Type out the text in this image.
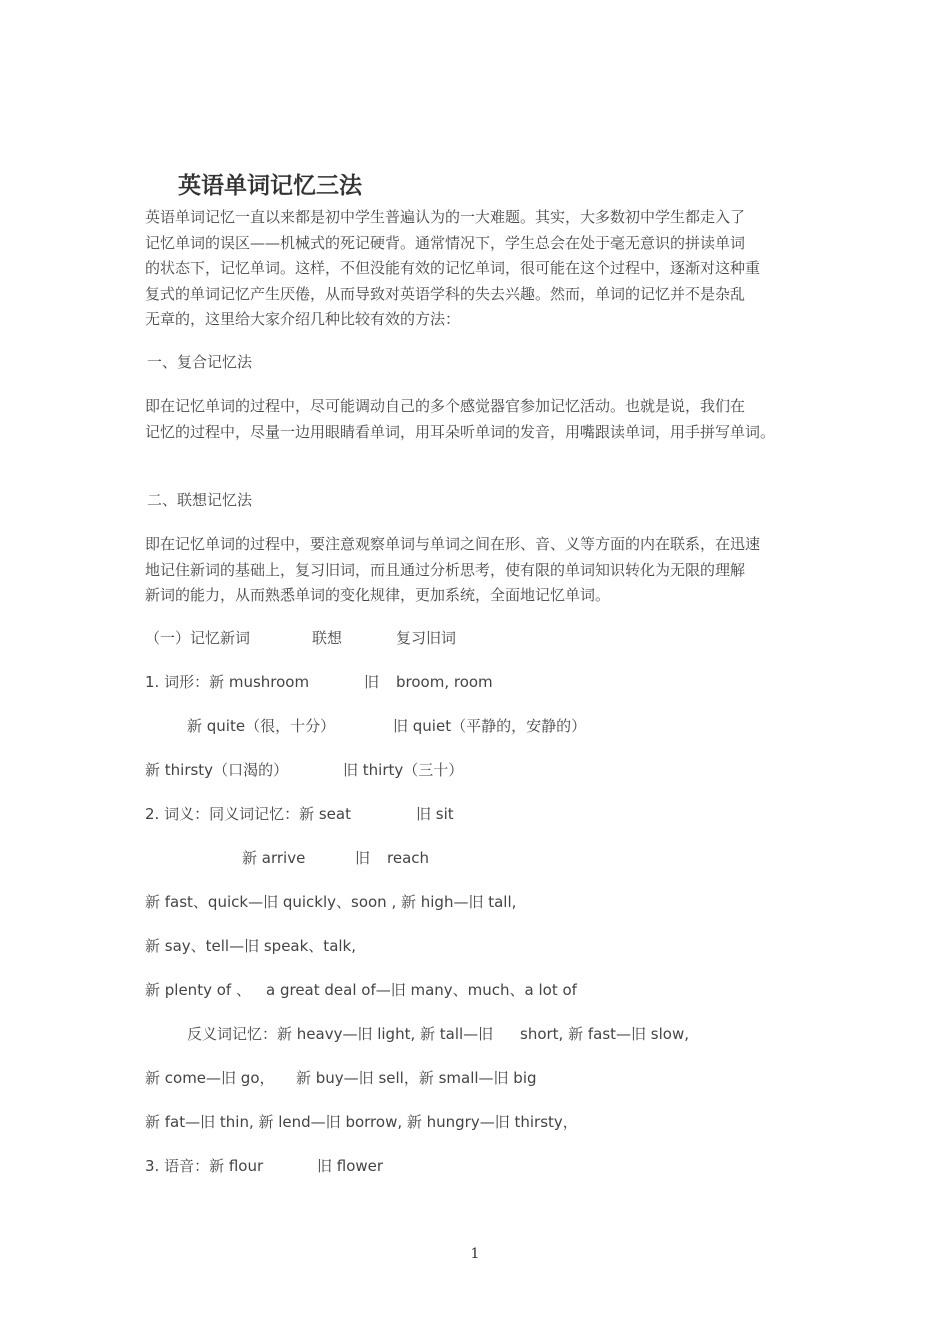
英语单词记忆三法
英语单词记忆一直以来都是初中学生普遍认为的一大难题。其实，大多数初中学生都走入了
记忆单词的误区——机械式的死记硬背。通常情况下，学生总会在处于毫无意识的拼读单词
的状态下，记忆单词。这样，不但没能有效的记忆单词，很可能在这个过程中，逐渐对这种重
复式的单词记忆产生厌倦，从而导致对英语学科的失去兴趣。然而，单词的记忆并不是杂乱
无章的，这里给大家介绍几种比较有效的方法：
一、复合记忆法
即在记忆单词的过程中，尽可能调动自己的多个感觉器官参加记忆活动。也就是说，我们在
记忆的过程中，尽量一边用眼睛看单词，用耳朵听单词的发音，用嘴跟读单词，用手拼写单词。
二、联想记忆法
即在记忆单词的过程中，要注意观察单词与单词之间在形、音、义等方面的内在联系，在迅速
地记住新词的基础上，复习旧词，而且通过分析思考，使有限的单词知识转化为无限的理解
新词的能力，从而熟悉单词的变化规律，更加系统，全面地记忆单词。
（一）记忆新词	联想	复习旧词
1. 词形：新 mushroom	旧 broom, room
新 quite（很，十分）	旧 quiet（平静的，安静的）
新 thirsty（口渴的）	旧 thirty（三十）
2. 词义：同义词记忆：新 seat	旧 sit
新 arrive	旧 reach
新 fast、quick—旧 quickly、soon , 新 high—旧 tall,
新 say、tell—旧 speak、talk,
新 plenty of 、 a great deal of—旧 many、much、a lot of
反义词记忆：新 heavy—旧 light, 新 tall—旧 short, 新 fast—旧 slow,
新 come—旧 go， 新 buy—旧 sell，新 small—旧 big
新 fat—旧 thin, 新 lend—旧 borrow, 新 hungry—旧 thirsty，
3. 语音：新 flour	旧 flower
1
